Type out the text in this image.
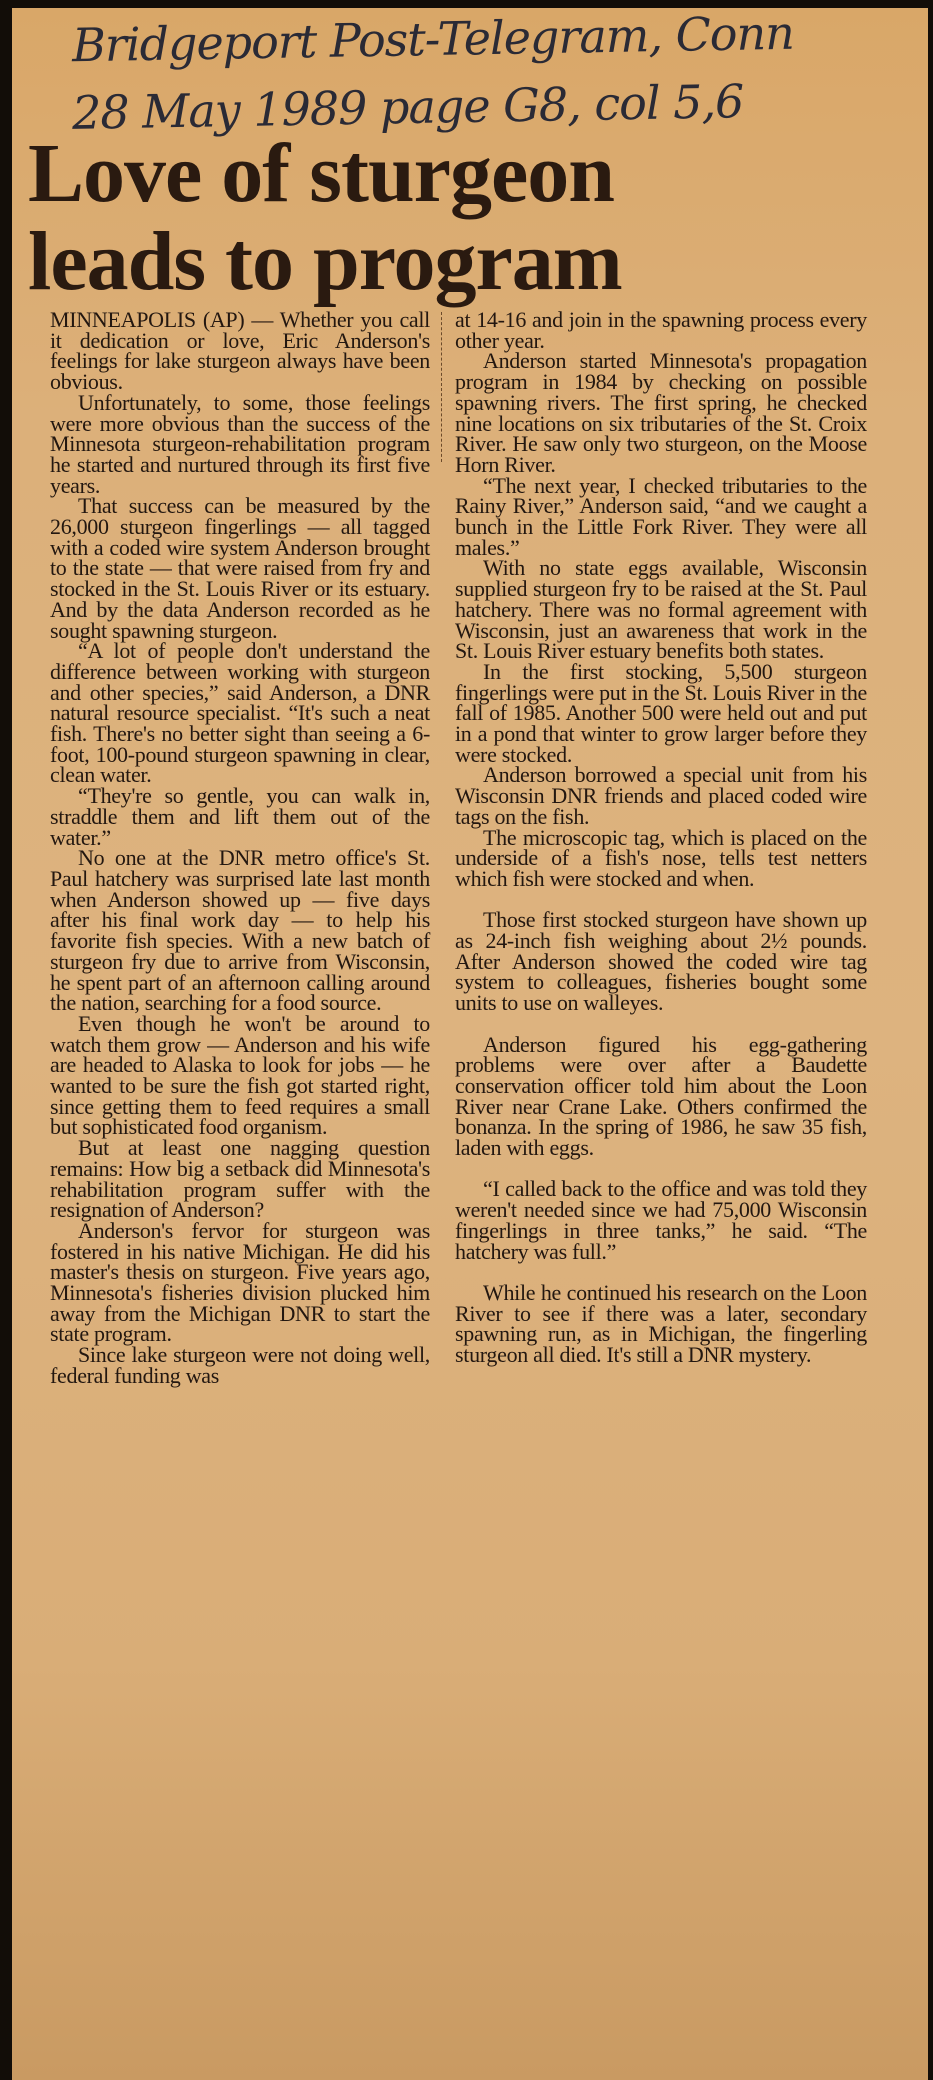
Bridgeport Post-Telegram, Conn
28 May 1989 page G8, col 5,6
Love of sturgeon
leads to program

MINNEAPOLIS (AP) — Whether you call it dedication or love, Eric Anderson's feelings for lake sturgeon always have been obvious.

Unfortunately, to some, those feelings were more obvious than the success of the Minnesota sturgeon-rehabilitation program he started and nurtured through its first five years.

That success can be measured by the 26,000 sturgeon fingerlings — all tagged with a coded wire system Anderson brought to the state — that were raised from fry and stocked in the St. Louis River or its estuary. And by the data Anderson recorded as he sought spawning sturgeon.

“A lot of people don't understand the difference between working with sturgeon and other species,” said Anderson, a DNR natural resource specialist. “It's such a neat fish. There's no better sight than seeing a 6-foot, 100-pound sturgeon spawning in clear, clean water.

“They're so gentle, you can walk in, straddle them and lift them out of the water.”

No one at the DNR metro office's St. Paul hatchery was surprised late last month when Anderson showed up — five days after his final work day — to help his favorite fish species. With a new batch of sturgeon fry due to arrive from Wisconsin, he spent part of an afternoon calling around the nation, searching for a food source.

Even though he won't be around to watch them grow — Anderson and his wife are headed to Alaska to look for jobs — he wanted to be sure the fish got started right, since getting them to feed requires a small but sophisticated food organism.

But at least one nagging question remains: How big a setback did Minnesota's rehabilitation program suffer with the resignation of Anderson?

Anderson's fervor for sturgeon was fostered in his native Michigan. He did his master's thesis on sturgeon. Five years ago, Minnesota's fisheries division plucked him away from the Michigan DNR to start the state program.

Since lake sturgeon were not doing well, federal funding was

at 14-16 and join in the spawning process every other year.

Anderson started Minnesota's propagation program in 1984 by checking on possible spawning rivers. The first spring, he checked nine locations on six tributaries of the St. Croix River. He saw only two sturgeon, on the Moose Horn River.

“The next year, I checked tributaries to the Rainy River,” Anderson said, “and we caught a bunch in the Little Fork River. They were all males.”

With no state eggs available, Wisconsin supplied sturgeon fry to be raised at the St. Paul hatchery. There was no formal agreement with Wisconsin, just an awareness that work in the St. Louis River estuary benefits both states.

In the first stocking, 5,500 sturgeon fingerlings were put in the St. Louis River in the fall of 1985. Another 500 were held out and put in a pond that winter to grow larger before they were stocked.

Anderson borrowed a special unit from his Wisconsin DNR friends and placed coded wire tags on the fish.

The microscopic tag, which is placed on the underside of a fish's nose, tells test netters which fish were stocked and when.

Those first stocked sturgeon have shown up as 24-inch fish weighing about 2½ pounds. After Anderson showed the coded wire tag system to colleagues, fisheries bought some units to use on walleyes.

Anderson figured his egg-gathering problems were over after a Baudette conservation officer told him about the Loon River near Crane Lake. Others confirmed the bonanza. In the spring of 1986, he saw 35 fish, laden with eggs.

“I called back to the office and was told they weren't needed since we had 75,000 Wisconsin fingerlings in three tanks,” he said. “The hatchery was full.”

While he continued his research on the Loon River to see if there was a later, secondary spawning run, as in Michigan, the fingerling sturgeon all died. It's still a DNR mystery.
